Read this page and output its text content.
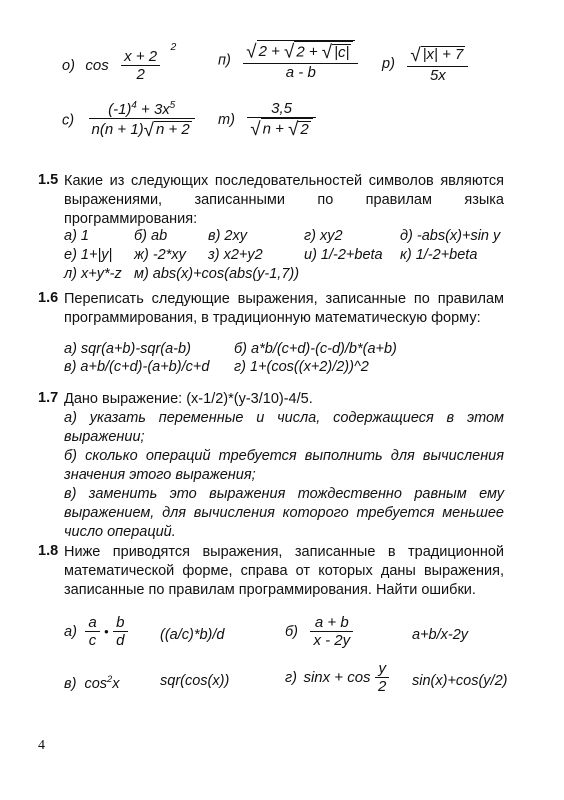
о) $\cos \frac{x + 2}{2}$
$^2$
$п) \frac{√ 2 + √ 2 + √ |c|}{a - b} р) \frac{√ |x| + 7}{5x}$
$с) \frac{(-1)^4 + 3x^5}{n(n + 1)√ n + 2} т) \frac{3,5}{√ n + √ 2}$
1.5 Какие из следующих последовательностей символов являются выражениями, записанными по правилам языка программирования:
а) 1	б) ab	в) 2xy	г) xy2	д) -abs(x)+sin y
е) 1+|y| ж) -2*xy з) x2+y2	и) 1/-2+beta к) 1/-2+beta
л) x+y*-z м) abs(x)+cos(abs(y-1,7))
1.6 Переписать следующие выражения, записанные по правилам программирования, в традиционную математическую форму:
а) sqr(a+b)-sqr(a-b)	б) a*b/(c+d)-(c-d)/b*(a+b)
в) a+b/(c+d)-(a+b)/c+d г) 1+(cos((x+2)/2))^2
1.7 Дано выражение: (x-1/2)*(y-3/10)-4/5.
а) указать переменные и числа, содержащиеся в этом выражении;
б) сколько операций требуется выполнить для вычисления значения этого выражения;
в) заменить это выражения тождественно равным ему выражением, для вычисления которого требуется меньшее число операций.
1.8 Ниже приводятся выражения, записанные в традиционной математической форме, справа от которых даны выражения, записанные по правилам программирования. Найти ошибки.
$а) \frac{a}{c}$ • $\frac{b}{d} ((a/c)*b)/d$	$б) \frac{a + b}{x - 2y}$	a+b/x-2y
в) $\cos^2x$	sqr(cos(x))	г) $\sin x + \cos \frac{y}{2} \sin(x)+\cos(y/2)$
4
